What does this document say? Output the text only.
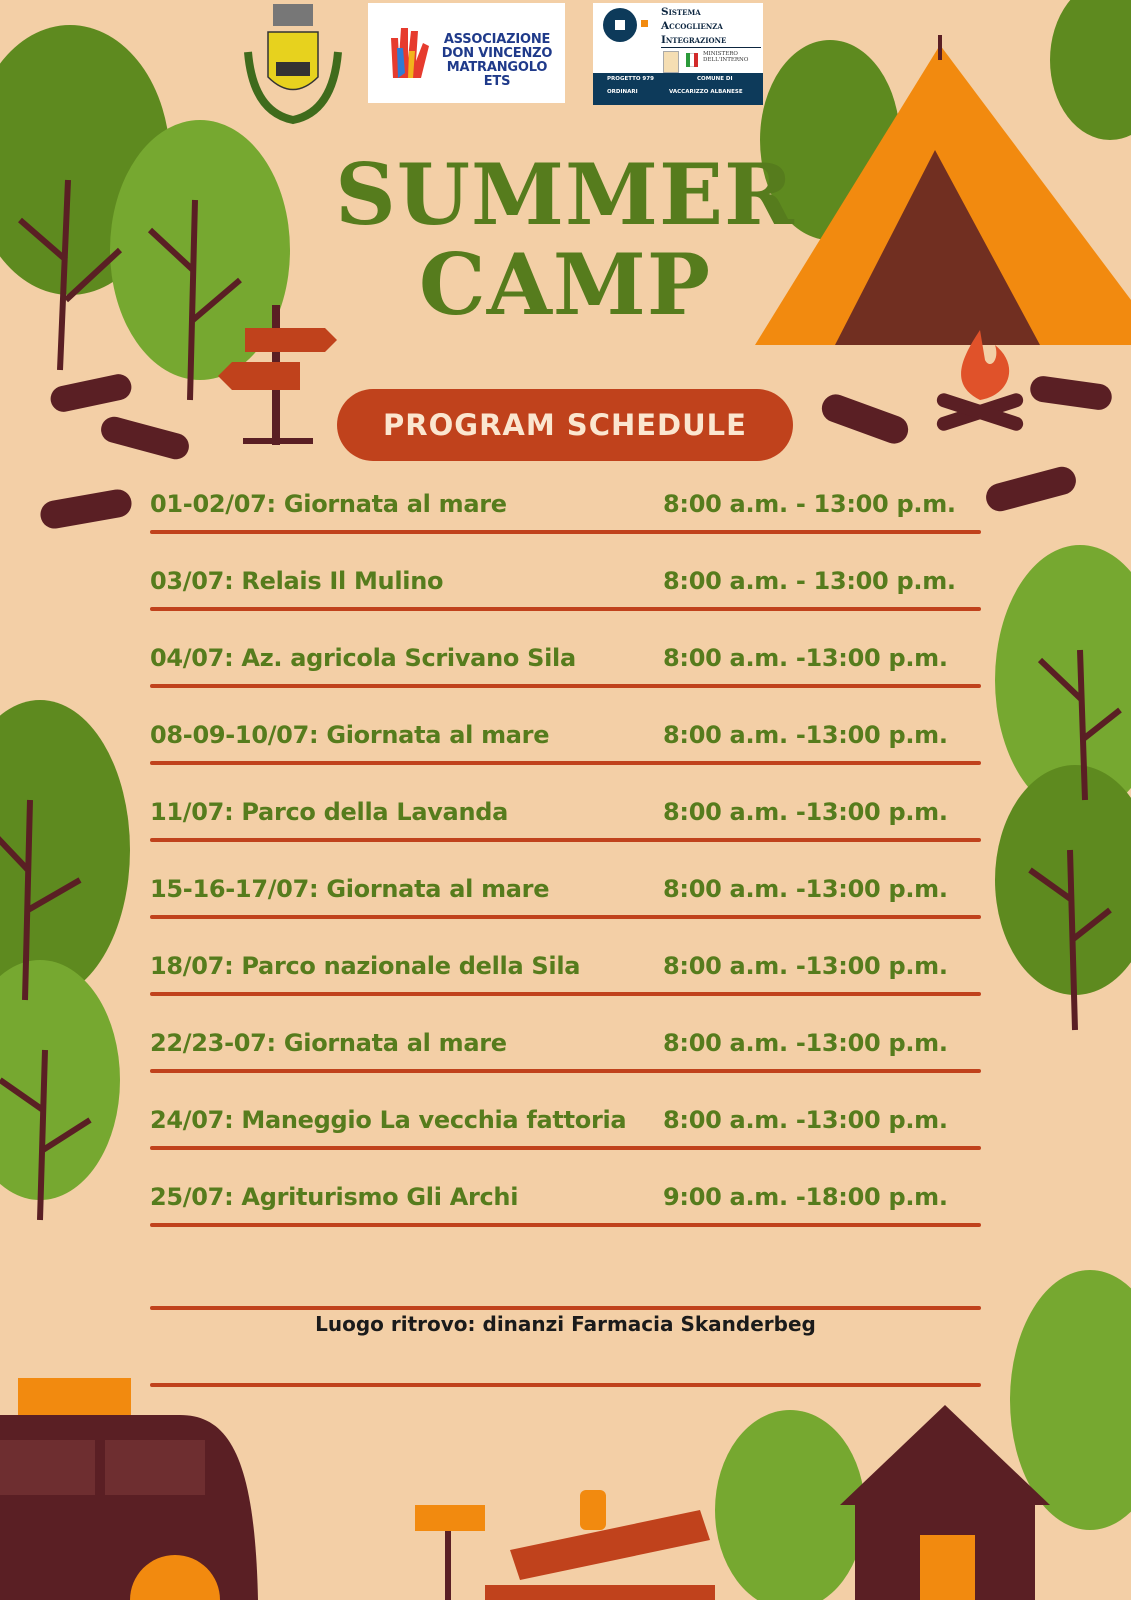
ASSOCIAZIONE DON VINCENZO MATRANGOLO ETS
Sistema
Accoglienza
Integrazione
MINISTERO DELL'INTERNO
PROGETTO 979
ORDINARI
COMUNE DI
VACCARIZZO ALBANESE
SUMMER
CAMP
PROGRAM SCHEDULE
01-02/07: Giornata al mare	8:00 a.m. - 13:00 p.m.
03/07: Relais Il Mulino	8:00 a.m. - 13:00 p.m.
04/07: Az. agricola Scrivano Sila	8:00 a.m. -13:00 p.m.
08-09-10/07: Giornata al mare	8:00 a.m. -13:00 p.m.
11/07: Parco della Lavanda	8:00 a.m. -13:00 p.m.
15-16-17/07: Giornata al mare	8:00 a.m. -13:00 p.m.
18/07: Parco nazionale della Sila	8:00 a.m. -13:00 p.m.
22/23-07: Giornata al mare	8:00 a.m. -13:00 p.m.
24/07: Maneggio La vecchia fattoria 8:00 a.m. -13:00 p.m.
25/07: Agriturismo Gli Archi	9:00 a.m. -18:00 p.m.
Luogo ritrovo: dinanzi Farmacia Skanderbeg
